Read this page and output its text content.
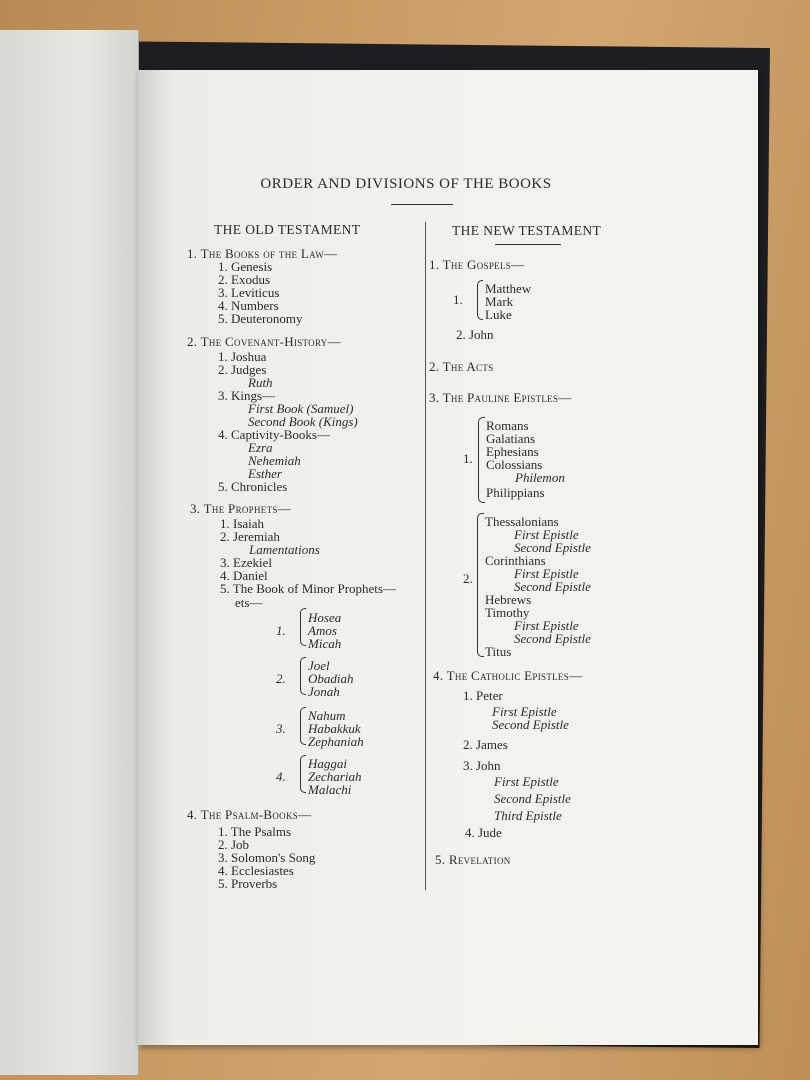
ORDER AND DIVISIONS OF THE BOOKS
THE OLD TESTAMENT
1. The Books of the Law—
1. Genesis
2. Exodus
3. Leviticus
4. Numbers
5. Deuteronomy
2. The Covenant-History—
1. Joshua
2. Judges
Ruth
3. Kings—
First Book (Samuel)
Second Book (Kings)
4. Captivity-Books—
Ezra
Nehemiah
Esther
5. Chronicles
3. The Prophets—
1. Isaiah
2. Jeremiah
Lamentations
3. Ezekiel
4. Daniel
5. The Book of Minor Prophets—
ets—
1.
Hosea
Amos
Micah
2.
Joel
Obadiah
Jonah
3.
Nahum
Habakkuk
Zephaniah
4.
Haggai
Zechariah
Malachi
4. The Psalm-Books—
1. The Psalms
2. Job
3. Solomon's Song
4. Ecclesiastes
5. Proverbs
THE NEW TESTAMENT
1. The Gospels—
1.
Matthew
Mark
Luke
2. John
2. The Acts
3. The Pauline Epistles—
1.
Romans
Galatians
Ephesians
Colossians
Philemon
Philippians
2.
Thessalonians
First Epistle
Second Epistle
Corinthians
First Epistle
Second Epistle
Hebrews
Timothy
First Epistle
Second Epistle
Titus
4. The Catholic Epistles—
1. Peter
First Epistle
Second Epistle
2. James
3. John
First Epistle
Second Epistle
Third Epistle
4. Jude
5. Revelation
